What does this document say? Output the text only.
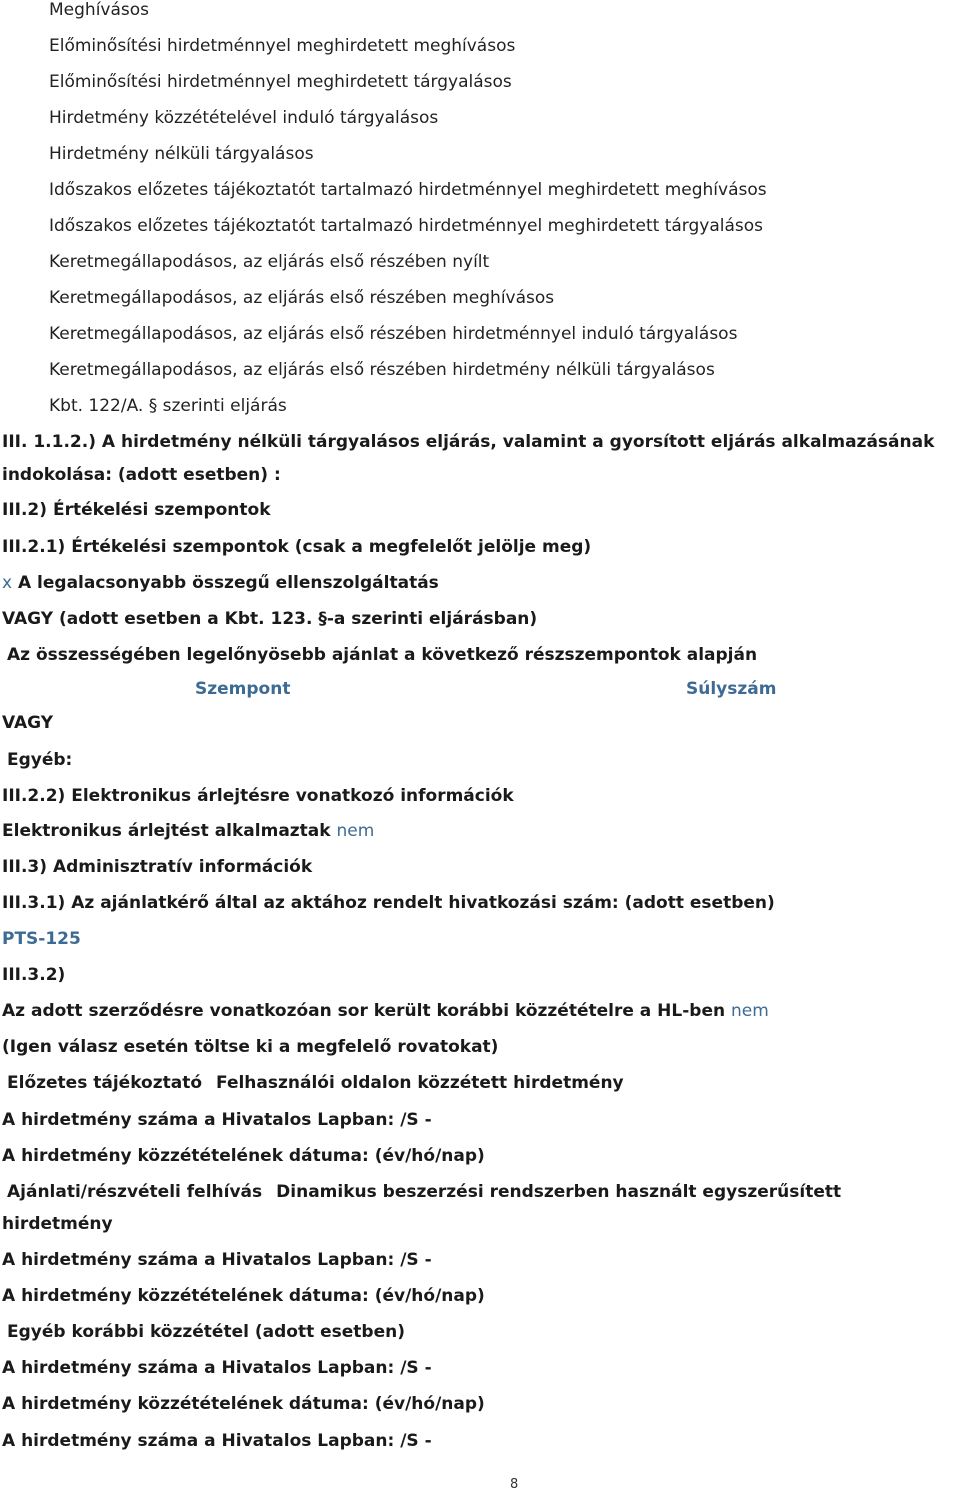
Meghívásos
Előminősítési hirdetménnyel meghirdetett meghívásos
Előminősítési hirdetménnyel meghirdetett tárgyalásos
Hirdetmény közzétételével induló tárgyalásos
Hirdetmény nélküli tárgyalásos
Időszakos előzetes tájékoztatót tartalmazó hirdetménnyel meghirdetett meghívásos
Időszakos előzetes tájékoztatót tartalmazó hirdetménnyel meghirdetett tárgyalásos
Keretmegállapodásos, az eljárás első részében nyílt
Keretmegállapodásos, az eljárás első részében meghívásos
Keretmegállapodásos, az eljárás első részében hirdetménnyel induló tárgyalásos
Keretmegállapodásos, az eljárás első részében hirdetmény nélküli tárgyalásos
Kbt. 122/A. § szerinti eljárás
III. 1.1.2.) A hirdetmény nélküli tárgyalásos eljárás, valamint a gyorsított eljárás alkalmazásának
indokolása: (adott esetben) :
III.2) Értékelési szempontok
III.2.1) Értékelési szempontok (csak a megfelelőt jelölje meg)
x A legalacsonyabb összegű ellenszolgáltatás
VAGY (adott esetben a Kbt. 123. §-a szerinti eljárásban)
Az összességében legelőnyösebb ajánlat a következő részszempontok alapján
Szempont	Súlyszám
VAGY
Egyéb:
III.2.2) Elektronikus árlejtésre vonatkozó információk
Elektronikus árlejtést alkalmaztak nem
III.3) Adminisztratív információk
III.3.1) Az ajánlatkérő által az aktához rendelt hivatkozási szám: (adott esetben)
PTS-125
III.3.2)
Az adott szerződésre vonatkozóan sor került korábbi közzétételre a HL-ben nem
(Igen válasz esetén töltse ki a megfelelő rovatokat)
Előzetes tájékoztató Felhasználói oldalon közzétett hirdetmény
A hirdetmény száma a Hivatalos Lapban: /S -
A hirdetmény közzétételének dátuma: (év/hó/nap)
Ajánlati/részvételi felhívás Dinamikus beszerzési rendszerben használt egyszerűsített
hirdetmény
A hirdetmény száma a Hivatalos Lapban: /S -
A hirdetmény közzétételének dátuma: (év/hó/nap)
Egyéb korábbi közzététel (adott esetben)
A hirdetmény száma a Hivatalos Lapban: /S -
A hirdetmény közzétételének dátuma: (év/hó/nap)
A hirdetmény száma a Hivatalos Lapban: /S -
8
